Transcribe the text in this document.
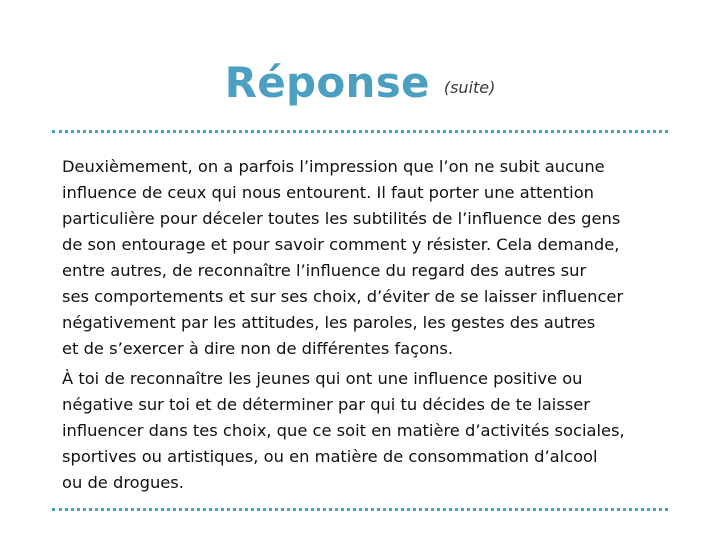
Réponse (suite)
Deuxièmement, on a parfois l’impression que l’on ne subit aucune
influence de ceux qui nous entourent. Il faut porter une attention
particulière pour déceler toutes les subtilités de l’influence des gens
de son entourage et pour savoir comment y résister. Cela demande,
entre autres, de reconnaître l’influence du regard des autres sur
ses comportements et sur ses choix, d’éviter de se laisser influencer
négativement par les attitudes, les paroles, les gestes des autres
et de s’exercer à dire non de différentes façons.
À toi de reconnaître les jeunes qui ont une influence positive ou
négative sur toi et de déterminer par qui tu décides de te laisser
influencer dans tes choix, que ce soit en matière d’activités sociales,
sportives ou artistiques, ou en matière de consommation d’alcool
ou de drogues.
